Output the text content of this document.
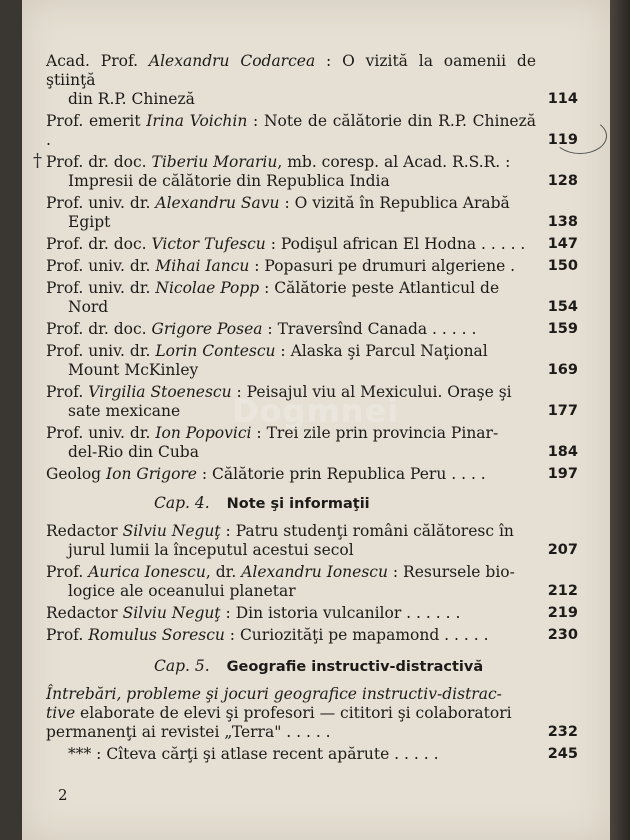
†
Acad. Prof. Alexandru Codarcea : O vizită la oamenii de ştiinţă
din R.P. Chineză	114
Prof. emerit Irina Voichin : Note de călătorie din R.P. Chineză .	119
Prof. dr. doc. Tiberiu Morariu, mb. coresp. al Acad. R.S.R. :
Impresii de călătorie din Republica India	128
Prof. univ. dr. Alexandru Savu : O vizită în Republica Arabă
Egipt	138
Prof. dr. doc. Victor Tufescu : Podişul african El Hodna . . . . . 147
Prof. univ. dr. Mihai Iancu : Popasuri pe drumuri algeriene . 150
Prof. univ. dr. Nicolae Popp : Călătorie peste Atlanticul de
Nord	154
Prof. dr. doc. Grigore Posea : Traversînd Canada . . . . .	159
Prof. univ. dr. Lorin Contescu : Alaska şi Parcul Naţional
Mount McKinley	169
Prof. Virgilia Stoenescu : Peisajul viu al Mexicului. Oraşe şi
sate mexicane	177
Prof. univ. dr. Ion Popovici : Trei zile prin provincia Pinar-
del-Rio din Cuba	184
Geolog Ion Grigore : Călătorie prin Republica Peru . . . .	197
Cap. 4. Note şi informaţii
Redactor Silviu Neguţ : Patru studenţi români călătoresc în
jurul lumii la începutul acestui secol	207
Prof. Aurica Ionescu, dr. Alexandru Ionescu : Resursele bio-
logice ale oceanului planetar	212
Redactor Silviu Neguţ : Din istoria vulcanilor . . . . . .	219
Prof. Romulus Sorescu : Curiozităţi pe mapamond . . . . .	230
Cap. 5. Geografie instructiv-distractivă
Întrebări, probleme şi jocuri geografice instructiv-distrac-
tive elaborate de elevi şi profesori — cititori şi colaboratori
permanenţi ai revistei „Terra" . . . . .	232
*** : Cîteva cărţi şi atlase recent apărute . . . . .	245
Dogmnei
2
